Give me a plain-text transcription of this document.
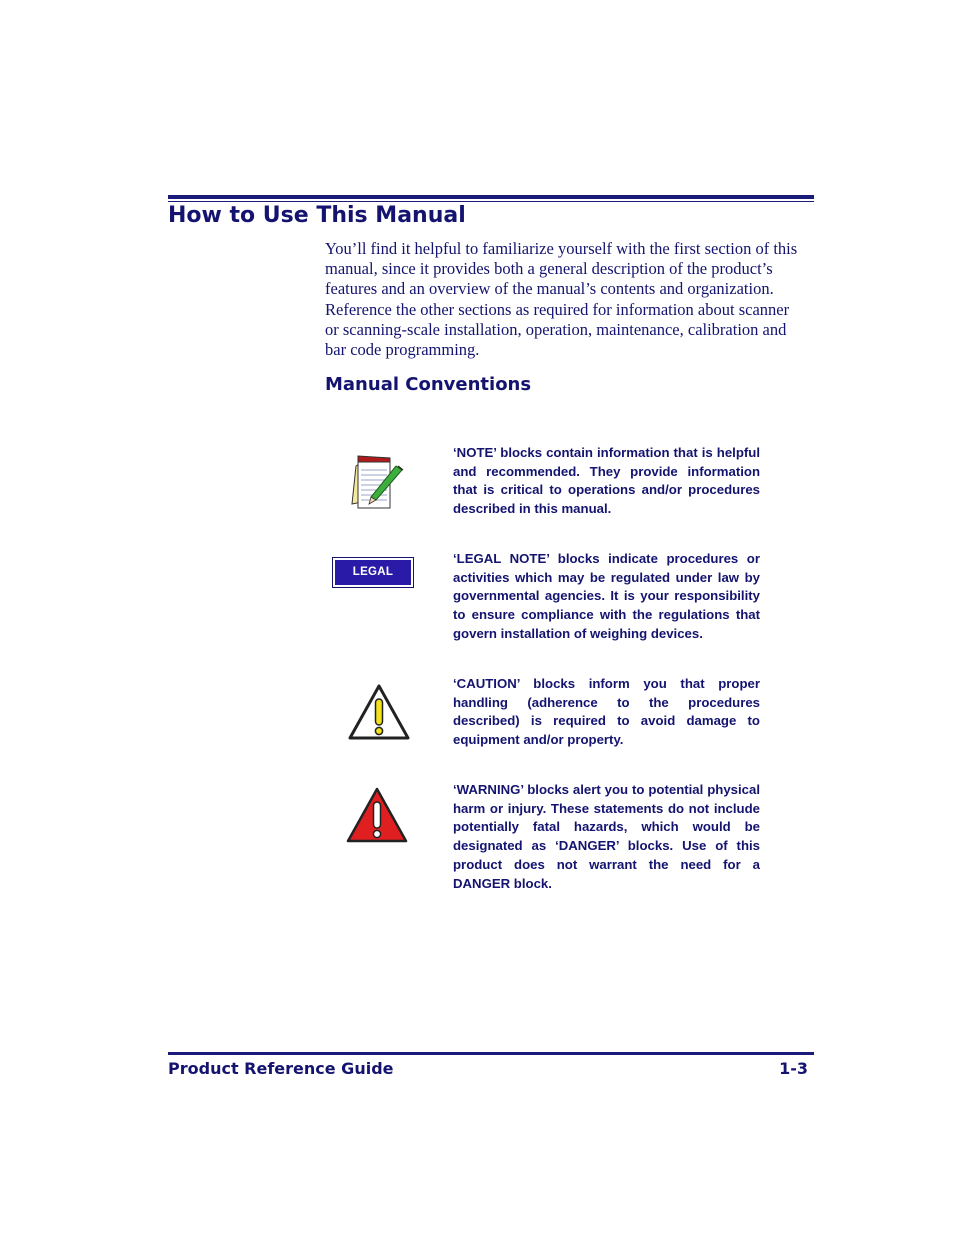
How to Use This Manual

You’ll find it helpful to familiarize yourself with the first section of this manual, since it provides both a general description of the product’s features and an overview of the manual’s contents and organization. Reference the other sections as required for information about scanner or scanning-scale installation, operation, maintenance, calibration and bar code programming.

Manual Conventions

‘NOTE’ blocks contain information that is helpful and recommended. They provide information that is critical to operations and/or procedures described in this manual.

LEGAL NOTE

‘LEGAL NOTE’ blocks indicate procedures or activities which may be regulated under law by governmental agencies. It is your responsibility to ensure compliance with the regulations that govern installation of weighing devices.

‘CAUTION’ blocks inform you that proper handling (adherence to the procedures described) is required to avoid damage to equipment and/or property.

‘WARNING’ blocks alert you to potential physical harm or injury. These statements do not include potentially fatal hazards, which would be designated as ‘DANGER’ blocks. Use of this product does not warrant the need for a DANGER block.

Product Reference Guide	1-3
